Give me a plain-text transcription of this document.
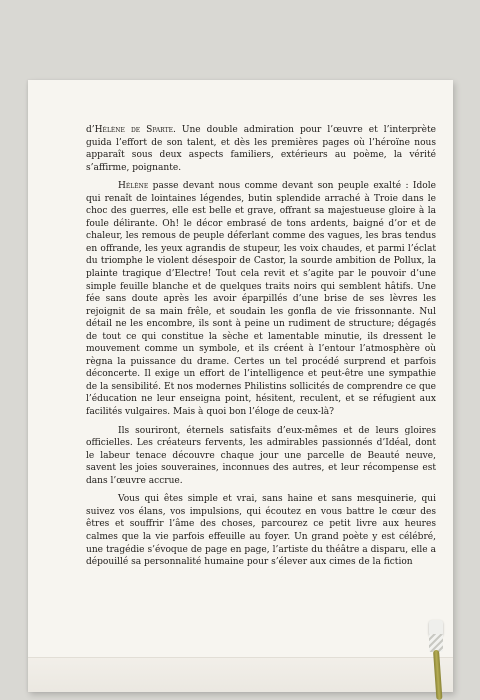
d’Hélène de Sparte. Une double admiration pour l’œuvre et l’interprète guida l’effort de son talent, et dès les premières pages où l’héroïne nous apparaît sous deux aspects familiers, extérieurs au poème, la vérité s’affirme, poignante.

Hélène passe devant nous comme devant son peuple exalté : Idole qui renaît de lointaines légendes, butin splendide arraché à Troie dans le choc des guerres, elle est belle et grave, offrant sa majestueuse gloire à la foule délirante. Oh! le décor embrasé de tons ardents, baigné d’or et de chaleur, les remous de peuple déferlant comme des vagues, les bras tendus en offrande, les yeux agrandis de stupeur, les voix chaudes, et parmi l’éclat du triomphe le violent désespoir de Castor, la sourde ambition de Pollux, la plainte tragique d’Electre! Tout cela revit et s’agite par le pouvoir d’une simple feuille blanche et de quelques traits noirs qui semblent hâtifs. Une fée sans doute après les avoir éparpillés d’une brise de ses lèvres les rejoignit de sa main frêle, et soudain les gonfla de vie frissonnante. Nul détail ne les encombre, ils sont à peine un rudiment de structure; dégagés de tout ce qui constitue la sèche et lamentable minutie, ils dressent le mouvement comme un symbole, et ils créent à l’entour l’atmosphère où règna la puissance du drame. Certes un tel procédé surprend et parfois déconcerte. Il exige un effort de l’intelligence et peut-être une sympathie de la sensibilité. Et nos modernes Philistins sollicités de comprendre ce que l’éducation ne leur enseigna point, hésitent, reculent, et se réfugient aux facilités vulgaires. Mais à quoi bon l’éloge de ceux-là?

Ils souriront, éternels satisfaits d’eux-mêmes et de leurs gloires officielles. Les créateurs fervents, les admirables passionnés d’Idéal, dont le labeur tenace découvre chaque jour une parcelle de Beauté neuve, savent les joies souveraines, inconnues des autres, et leur récompense est dans l’œuvre accrue.

Vous qui êtes simple et vrai, sans haine et sans mesquinerie, qui suivez vos élans, vos impulsions, qui écoutez en vous battre le cœur des êtres et souffrir l’âme des choses, parcourez ce petit livre aux heures calmes que la vie parfois effeuille au foyer. Un grand poète y est célébré, une tragédie s’évoque de page en page, l’artiste du théâtre a disparu, elle a dépouillé sa personnalité humaine pour s’élever aux cimes de la fiction
